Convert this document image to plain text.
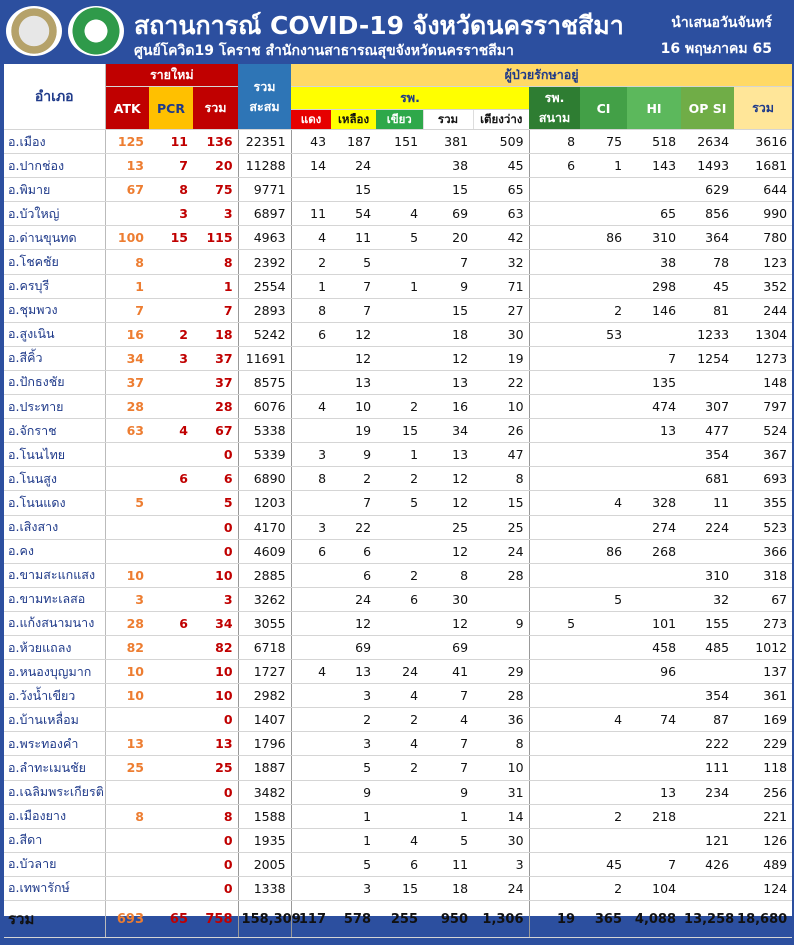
สถานการณ์ COVID-19 จังหวัดนครราชสีมา
ศูนย์โควิด19 โคราช สำนักงานสาธารณสุขจังหวัดนครราชสีมา
นำเสนอวันจันทร์
16 พฤษภาคม 65
อำเภอ	รายใหม่			รวม
สะสม	ผู้ป่วยรักษาอยู่									
	ATK	PCR	รวม		รพ.					รพ.
สนาม	CI	HI	OP SI	รวม
					แดง	เหลือง	เขียว	รวม	เตียงว่าง					
อ.เมือง	125	11	136	22351	43	187	151	381	509	8	75	518	2634	3616
อ.ปากช่อง	13	7	20	11288	14	24		38	45	6	1	143	1493	1681
อ.พิมาย	67	8	75	9771		15		15	65				629	644
อ.บัวใหญ่		3	3	6897	11	54	4	69	63			65	856	990
อ.ด่านขุนทด	100	15	115	4963	4	11	5	20	42		86	310	364	780
อ.โชคชัย	8		8	2392	2	5		7	32			38	78	123
อ.ครบุรี	1		1	2554	1	7	1	9	71			298	45	352
อ.ชุมพวง	7		7	2893	8	7		15	27		2	146	81	244
อ.สูงเนิน	16	2	18	5242	6	12		18	30		53		1233	1304
อ.สีคิ้ว	34	3	37	11691		12		12	19			7	1254	1273
อ.ปักธงชัย	37		37	8575		13		13	22			135		148
อ.ประทาย	28		28	6076	4	10	2	16	10			474	307	797
อ.จักราช	63	4	67	5338		19	15	34	26			13	477	524
อ.โนนไทย			0	5339	3	9	1	13	47				354	367
อ.โนนสูง		6	6	6890	8	2	2	12	8				681	693
อ.โนนแดง	5		5	1203		7	5	12	15		4	328	11	355
อ.เสิงสาง			0	4170	3	22		25	25			274	224	523
อ.คง			0	4609	6	6		12	24		86	268		366
อ.ขามสะแกแสง	10		10	2885		6	2	8	28				310	318
อ.ขามทะเลสอ	3		3	3262		24	6	30			5		32	67
อ.แก้งสนามนาง	28	6	34	3055		12		12	9	5		101	155	273
อ.ห้วยแถลง	82		82	6718		69		69				458	485	1012
อ.หนองบุญมาก	10		10	1727	4	13	24	41	29			96		137
อ.วังน้ำเขียว	10		10	2982		3	4	7	28				354	361
อ.บ้านเหลื่อม			0	1407		2	2	4	36		4	74	87	169
อ.พระทองคำ	13		13	1796		3	4	7	8				222	229
อ.ลำทะเมนชัย	25		25	1887		5	2	7	10				111	118
อ.เฉลิมพระเกียรติ			0	3482		9		9	31			13	234	256
อ.เมืองยาง	8		8	1588		1		1	14		2	218		221
อ.สีดา			0	1935		1	4	5	30				121	126
อ.บัวลาย			0	2005		5	6	11	3		45	7	426	489
อ.เทพารักษ์			0	1338		3	15	18	24		2	104		124
รวม	693	65	758	158,309	117	578	255	950	1,306	19	365	4,088	13,258	18,680
